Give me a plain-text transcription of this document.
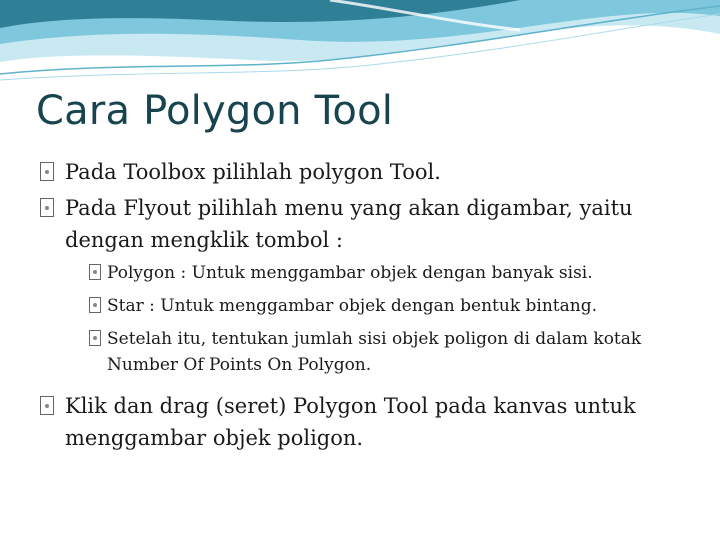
Cara Polygon Tool

Pada Toolbox pilihlah polygon Tool.

Pada Flyout pilihlah menu yang akan digambar, yaitu dengan mengklik tombol :

Polygon : Untuk menggambar objek dengan banyak sisi.

Star : Untuk menggambar objek dengan bentuk bintang.

Setelah itu, tentukan jumlah sisi objek poligon di dalam kotak Number Of Points On Polygon.

Klik dan drag (seret) Polygon Tool pada kanvas untuk menggambar objek poligon.
